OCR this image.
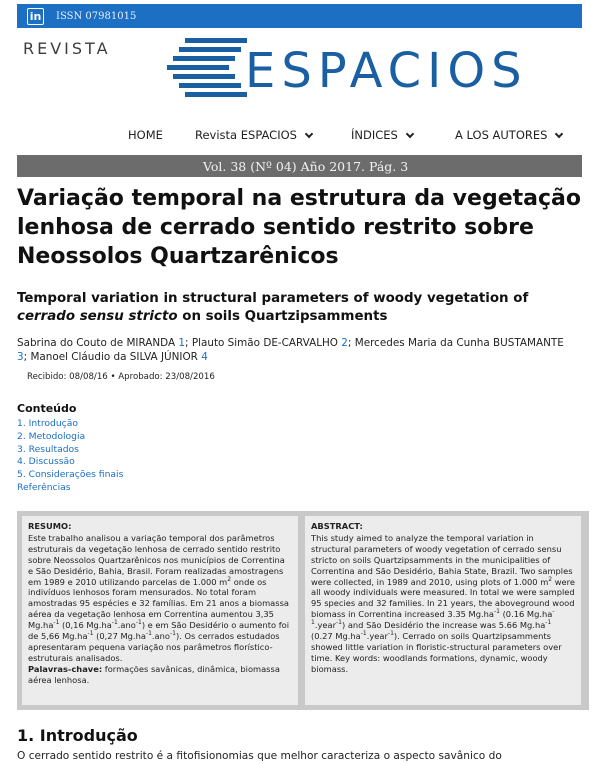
in ISSN 07981015
REVISTA	ESPACIOS
HOME	Revista ESPACIOS	ÍNDICES	A LOS AUTORES
Vol. 38 (Nº 04) Año 2017. Pág. 3
Variação temporal na estrutura da vegetação lenhosa de cerrado sentido restrito sobre Neossolos Quartzarênicos
Temporal variation in structural parameters of woody vegetation of cerrado sensu stricto on soils Quartzipsamments
Sabrina do Couto de MIRANDA 1; Plauto Simão DE-CARVALHO 2; Mercedes Maria da Cunha BUSTAMANTE 3; Manoel Cláudio da SILVA JÚNIOR 4
Recibido: 08/08/16 • Aprobado: 23/08/2016
Conteúdo
1. Introdução
2. Metodologia
3. Resultados
4. Discussão
5. Considerações finais
Referências
RESUMO:
Este trabalho analisou a variação temporal dos parâmetros estruturais da vegetação lenhosa de cerrado sentido restrito sobre Neossolos Quartzarênicos nos municípios de Correntina e São Desidério, Bahia, Brasil. Foram realizadas amostragens em 1989 e 2010 utilizando parcelas de 1.000 $m^2$ onde os indivíduos lenhosos foram mensurados. No total foram amostradas 95 espécies e 32 famílias. Em 21 anos a biomassa aérea da vegetação lenhosa em Correntina aumentou 3,35 $Mg.ha^{-1}$ (0,16 $Mg.ha^{-1}.ano^{-1}$) e em São Desidério o aumento foi de 5,66 $Mg.ha^{-1}$ (0,27 $Mg.ha^{-1}.ano^{-1}$). Os cerrados estudados apresentaram pequena variação nos parâmetros florístico-estruturais analisados.
Palavras-chave: formações savânicas, dinâmica, biomassa aérea lenhosa.
ABSTRACT:
This study aimed to analyze the temporal variation in structural parameters of woody vegetation of cerrado sensu stricto on soils Quartzipsamments in the municipalities of Correntina and São Desidério, Bahia State, Brazil. Two samples were collected, in 1989 and 2010, using plots of 1.000 $m^2$ were all woody individuals were measured. In total we were sampled 95 species and 32 families. In 21 years, the aboveground wood biomass in Correntina increased 3.35 $Mg.ha^{-1}$ (0.16 $Mg.ha^{-1}.year^{-1}$) and São Desidério the increase was 5.66 $Mg.ha^{-1}$ (0.27 $Mg.ha^{-1}.year^{-1}$). Cerrado on soils Quartzipsamments showed little variation in floristic-structural parameters over time. Key words: woodlands formations, dynamic, woody biomass.
1. Introdução
O cerrado sentido restrito é a fitofisionomias que melhor caracteriza o aspecto savânico do
